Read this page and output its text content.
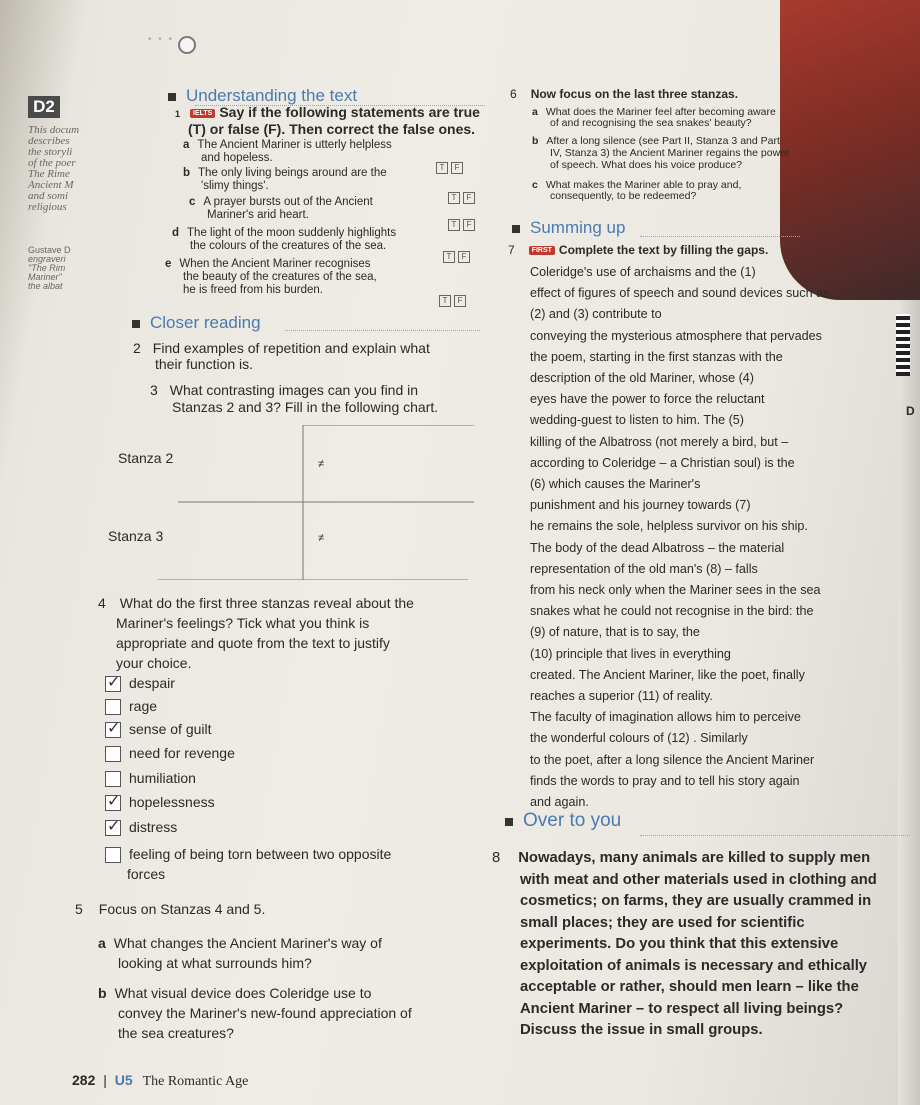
• • •
D2
This docum
describes
the storyli
of the poer
The Rime
Ancient M
and somi
religious
Gustave D
engraveri
"The Rim
Mariner"
the albat
Understanding the text
1 IELTS Say if the following statements are true
(T) or false (F). Then correct the false ones.
a The Ancient Mariner is utterly helpless
and hopeless.
T F
b The only living beings around are the
'slimy things'.
T F
c A prayer bursts out of the Ancient
Mariner's arid heart.
T F
d The light of the moon suddenly highlights
the colours of the creatures of the sea.
T F
e When the Ancient Mariner recognises
the beauty of the creatures of the sea,
he is freed from his burden.
T F
Closer reading
2 Find examples of repetition and explain what
their function is.
3 What contrasting images can you find in
Stanzas 2 and 3? Fill in the following chart.
Stanza 2
Stanza 3
≠
≠
4 What do the first three stanzas reveal about the
Mariner's feelings? Tick what you think is
appropriate and quote from the text to justify
your choice.
✓despair
rage
✓sense of guilt
need for revenge
humiliation
✓hopelessness
✓distress
feeling of being torn between two opposite
forces
5 Focus on Stanzas 4 and 5.
a What changes the Ancient Mariner's way of
looking at what surrounds him?
b What visual device does Coleridge use to
convey the Mariner's new-found appreciation of
the sea creatures?
6 Now focus on the last three stanzas.
a What does the Mariner feel after becoming aware
of and recognising the sea snakes' beauty?
b After a long silence (see Part II, Stanza 3 and Part
IV, Stanza 3) the Ancient Mariner regains the power
of speech. What does his voice produce?
c What makes the Mariner able to pray and,
consequently, to be redeemed?
Summing up
7 FIRST Complete the text by filling the gaps.
Coleridge's use of archaisms and the (1)
effect of figures of speech and sound devices such as
(2) and (3) contribute to
conveying the mysterious atmosphere that pervades
the poem, starting in the first stanzas with the
description of the old Mariner, whose (4)
eyes have the power to force the reluctant
wedding-guest to listen to him. The (5)
killing of the Albatross (not merely a bird, but –
according to Coleridge – a Christian soul) is the
(6) which causes the Mariner's
punishment and his journey towards (7)
he remains the sole, helpless survivor on his ship.
The body of the dead Albatross – the material
representation of the old man's (8) – falls
from his neck only when the Mariner sees in the sea
snakes what he could not recognise in the bird: the
(9) of nature, that is to say, the
(10) principle that lives in everything
created. The Ancient Mariner, like the poet, finally
reaches a superior (11) of reality.
The faculty of imagination allows him to perceive
the wonderful colours of (12) . Similarly
to the poet, after a long silence the Ancient Mariner
finds the words to pray and to tell his story again
and again.
Over to you
8 Nowadays, many animals are killed to supply men
with meat and other materials used in clothing and
cosmetics; on farms, they are usually crammed in
small places; they are used for scientific
experiments. Do you think that this extensive
exploitation of animals is necessary and ethically
acceptable or rather, should men learn – like the
Ancient Mariner – to respect all living beings?
Discuss the issue in small groups.
D
282 | U5 The Romantic Age
